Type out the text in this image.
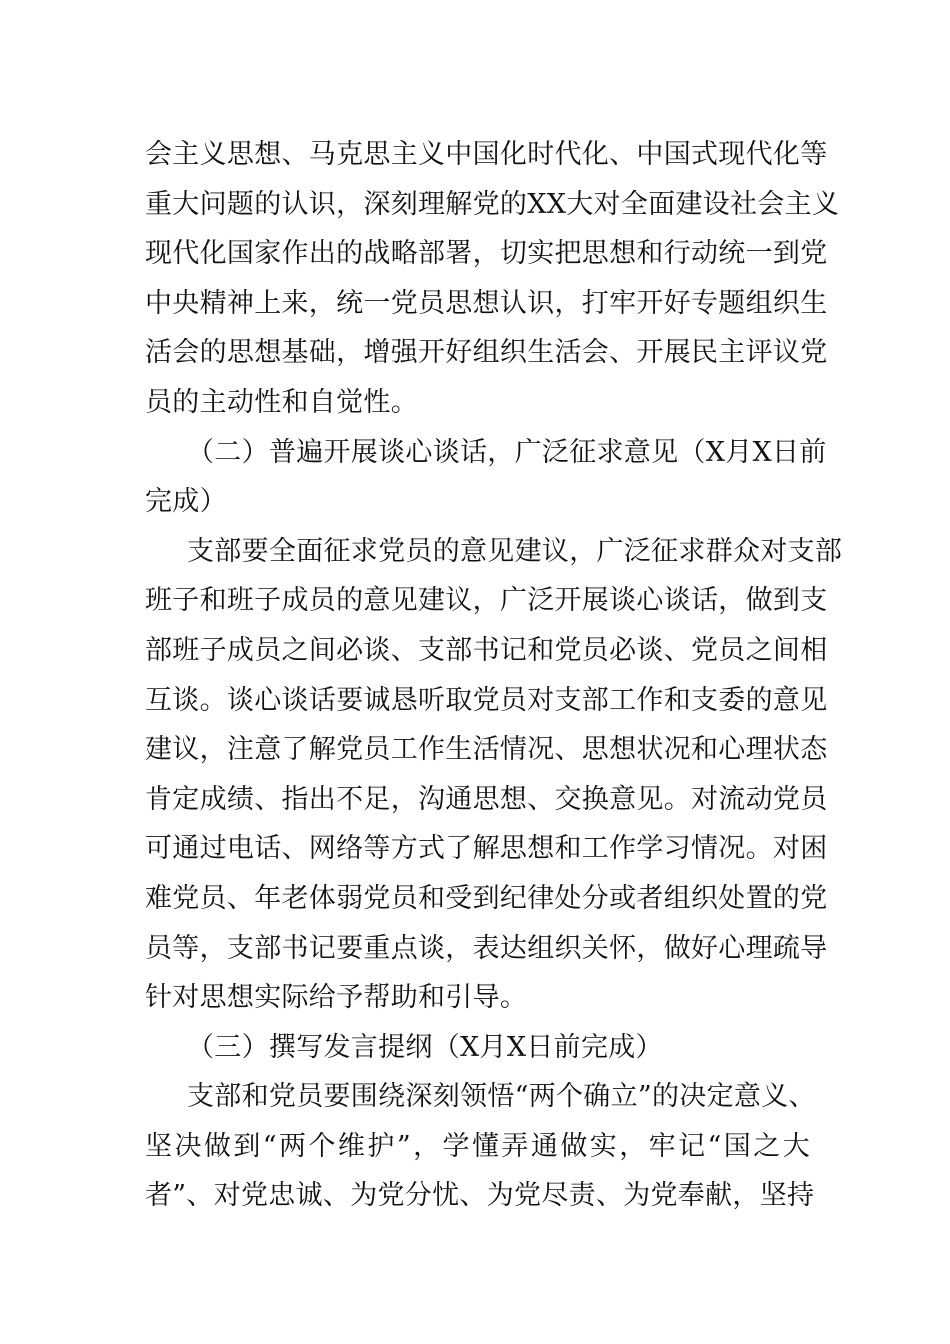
会主义思想、马克思主义中国化时代化、中国式现代化等
重大问题的认识，深刻理解党的XX大对全面建设社会主义
现代化国家作出的战略部署，切实把思想和行动统一到党
中央精神上来，统一党员思想认识，打牢开好专题组织生
活会的思想基础，增强开好组织生活会、开展民主评议党
员的主动性和自觉性。
（二）普遍开展谈心谈话，广泛征求意见（X月X日前
完成）
支部要全面征求党员的意见建议，广泛征求群众对支部
班子和班子成员的意见建议，广泛开展谈心谈话，做到支
部班子成员之间必谈、支部书记和党员必谈、党员之间相
互谈。谈心谈话要诚恳听取党员对支部工作和支委的意见
建议，注意了解党员工作生活情况、思想状况和心理状态
肯定成绩、指出不足，沟通思想、交换意见。对流动党员
可通过电话、网络等方式了解思想和工作学习情况。对困
难党员、年老体弱党员和受到纪律处分或者组织处置的党
员等，支部书记要重点谈，表达组织关怀，做好心理疏导
针对思想实际给予帮助和引导。
（三）撰写发言提纲（X月X日前完成）
支部和党员要围绕深刻领悟“两个确立”的决定意义、
坚决做到“两个维护”，学懂弄通做实，牢记“国之大
者”、对党忠诚、为党分忧、为党尽责、为党奉献，坚持
